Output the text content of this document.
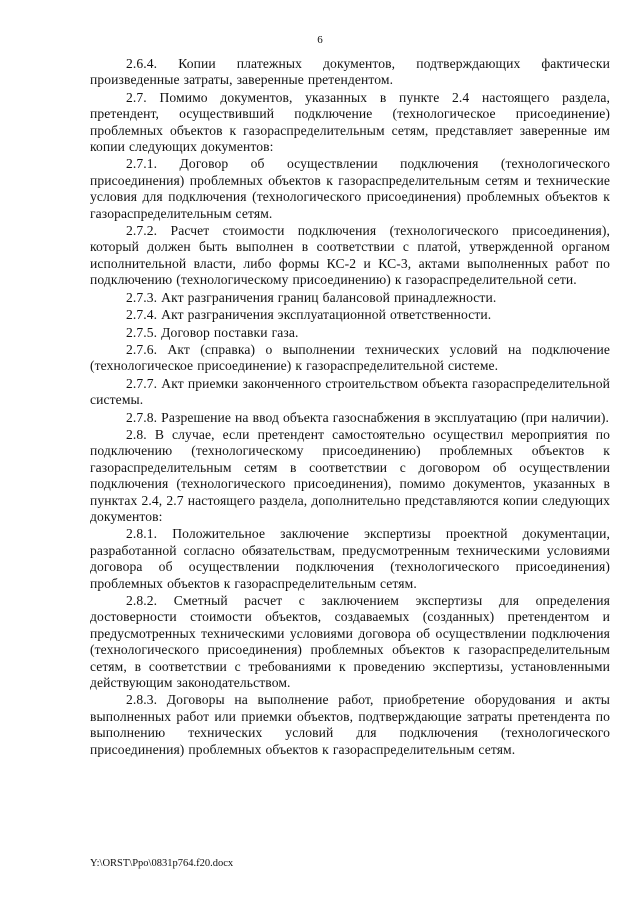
6

2.6.4. Копии платежных документов, подтверждающих фактически произведенные затраты, заверенные претендентом.

2.7. Помимо документов, указанных в пункте 2.4 настоящего раздела, претендент, осуществивший подключение (технологическое присоединение) проблемных объектов к газораспределительным сетям, представляет заверенные им копии следующих документов:

2.7.1. Договор об осуществлении подключения (технологического присоединения) проблемных объектов к газораспределительным сетям и технические условия для подключения (технологического присоединения) проблемных объектов к газораспределительным сетям.

2.7.2. Расчет стоимости подключения (технологического присоединения), который должен быть выполнен в соответствии с платой, утвержденной органом исполнительной власти, либо формы КС-2 и КС-3, актами выполненных работ по подключению (технологическому присоединению) к газораспределительной сети.

2.7.3. Акт разграничения границ балансовой принадлежности.

2.7.4. Акт разграничения эксплуатационной ответственности.

2.7.5. Договор поставки газа.

2.7.6. Акт (справка) о выполнении технических условий на подключение (технологическое присоединение) к газораспределительной системе.

2.7.7. Акт приемки законченного строительством объекта газораспределительной системы.

2.7.8. Разрешение на ввод объекта газоснабжения в эксплуатацию (при наличии).

2.8. В случае, если претендент самостоятельно осуществил мероприятия по подключению (технологическому присоединению) проблемных объектов к газораспределительным сетям в соответствии с договором об осуществлении подключения (технологического присоединения), помимо документов, указанных в пунктах 2.4, 2.7 настоящего раздела, дополнительно представляются копии следующих документов:

2.8.1. Положительное заключение экспертизы проектной документации, разработанной согласно обязательствам, предусмотренным техническими условиями договора об осуществлении подключения (технологического присоединения) проблемных объектов к газораспределительным сетям.

2.8.2. Сметный расчет с заключением экспертизы для определения достоверности стоимости объектов, создаваемых (созданных) претендентом и предусмотренных техническими условиями договора об осуществлении подключения (технологического присоединения) проблемных объектов к газораспределительным сетям, в соответствии с требованиями к проведению экспертизы, установленными действующим законодательством.

2.8.3. Договоры на выполнение работ, приобретение оборудования и акты выполненных работ или приемки объектов, подтверждающие затраты претендента по выполнению технических условий для подключения (технологического присоединения) проблемных объектов к газораспределительным сетям.

Y:\ORST\Ppo\0831p764.f20.docx
